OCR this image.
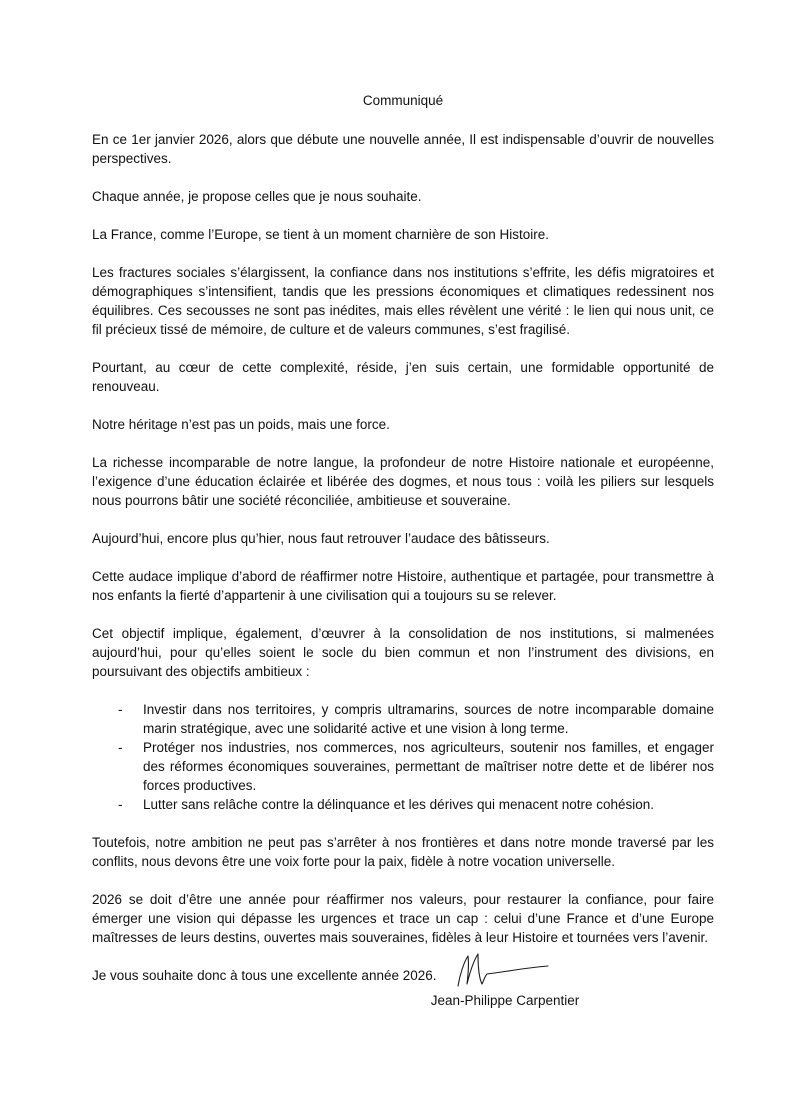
Communiqué

En ce 1er janvier 2026, alors que débute une nouvelle année, Il est indispensable d’ouvrir de nouvelles perspectives.

Chaque année, je propose celles que je nous souhaite.

La France, comme l’Europe, se tient à un moment charnière de son Histoire.

Les fractures sociales s’élargissent, la confiance dans nos institutions s’effrite, les défis migratoires et démographiques s’intensifient, tandis que les pressions économiques et climatiques redessinent nos équilibres. Ces secousses ne sont pas inédites, mais elles révèlent une vérité : le lien qui nous unit, ce fil précieux tissé de mémoire, de culture et de valeurs communes, s’est fragilisé.

Pourtant, au cœur de cette complexité, réside, j’en suis certain, une formidable opportunité de renouveau.

Notre héritage n’est pas un poids, mais une force.

La richesse incomparable de notre langue, la profondeur de notre Histoire nationale et européenne, l’exigence d’une éducation éclairée et libérée des dogmes, et nous tous : voilà les piliers sur lesquels nous pourrons bâtir une société réconciliée, ambitieuse et souveraine.

Aujourd’hui, encore plus qu’hier, nous faut retrouver l’audace des bâtisseurs.

Cette audace implique d’abord de réaffirmer notre Histoire, authentique et partagée, pour transmettre à nos enfants la fierté d’appartenir à une civilisation qui a toujours su se relever.

Cet objectif implique, également, d’œuvrer à la consolidation de nos institutions, si malmenées aujourd’hui, pour qu’elles soient le socle du bien commun et non l’instrument des divisions, en poursuivant des objectifs ambitieux :

- Investir dans nos territoires, y compris ultramarins, sources de notre incomparable domaine marin stratégique, avec une solidarité active et une vision à long terme.
- Protéger nos industries, nos commerces, nos agriculteurs, soutenir nos familles, et engager des réformes économiques souveraines, permettant de maîtriser notre dette et de libérer nos forces productives.
- Lutter sans relâche contre la délinquance et les dérives qui menacent notre cohésion.

Toutefois, notre ambition ne peut pas s’arrêter à nos frontières et dans notre monde traversé par les conflits, nous devons être une voix forte pour la paix, fidèle à notre vocation universelle.

2026 se doit d’être une année pour réaffirmer nos valeurs, pour restaurer la confiance, pour faire émerger une vision qui dépasse les urgences et trace un cap : celui d’une France et d’une Europe maîtresses de leurs destins, ouvertes mais souveraines, fidèles à leur Histoire et tournées vers l’avenir.

Je vous souhaite donc à tous une excellente année 2026.

Jean-Philippe Carpentier
